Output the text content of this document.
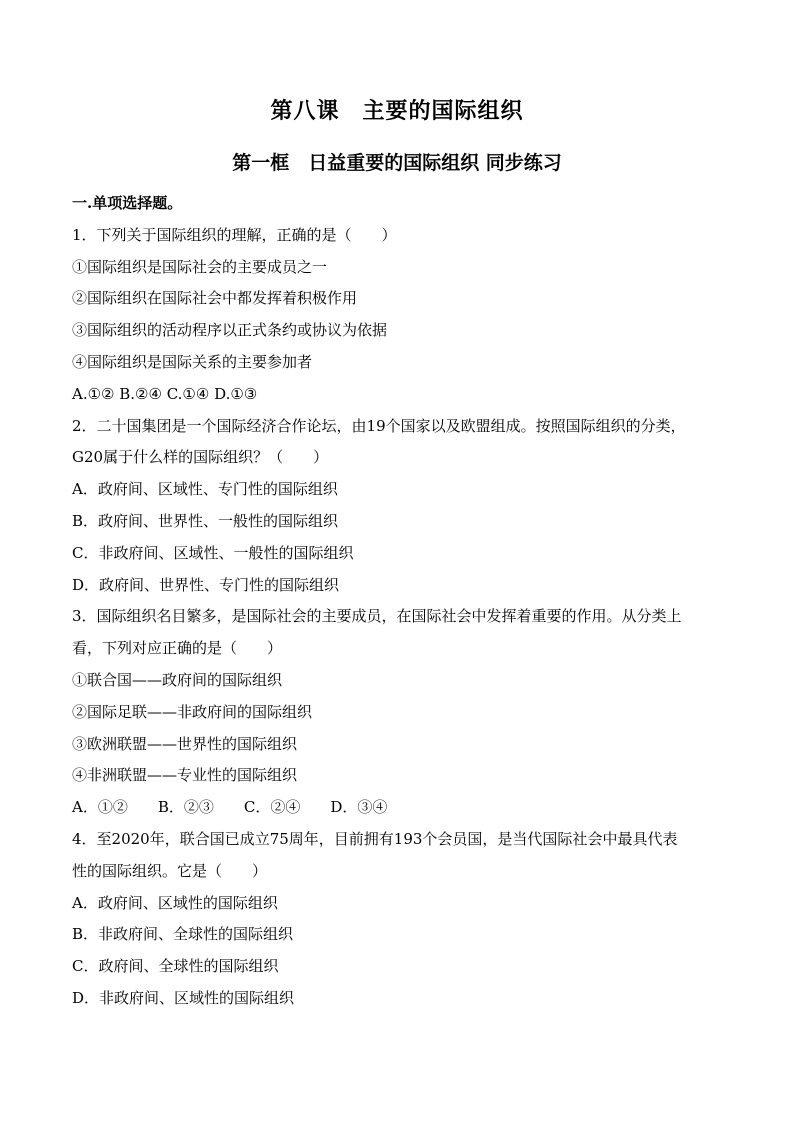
第八课　主要的国际组织
第一框　日益重要的国际组织 同步练习
一.单项选择题。
1．下列关于国际组织的理解，正确的是（　　）
①国际组织是国际社会的主要成员之一
②国际组织在国际社会中都发挥着积极作用
③国际组织的活动程序以正式条约或协议为依据
④国际组织是国际关系的主要参加者
A.①② B.②④ C.①④ D.①③
2．二十国集团是一个国际经济合作论坛，由19个国家以及欧盟组成。按照国际组织的分类，
G20属于什么样的国际组织？（　　）
A．政府间、区域性、专门性的国际组织
B．政府间、世界性、一般性的国际组织
C．非政府间、区域性、一般性的国际组织
D．政府间、世界性、专门性的国际组织
3．国际组织名目繁多，是国际社会的主要成员，在国际社会中发挥着重要的作用。从分类上
看，下列对应正确的是（　　）
①联合国——政府间的国际组织
②国际足联——非政府间的国际组织
③欧洲联盟——世界性的国际组织
④非洲联盟——专业性的国际组织
A．①②　　B．②③　　C．②④　　D．③④
4．至2020年，联合国已成立75周年，目前拥有193个会员国，是当代国际社会中最具代表
性的国际组织。它是（　　）
A．政府间、区域性的国际组织
B．非政府间、全球性的国际组织
C．政府间、全球性的国际组织
D．非政府间、区域性的国际组织
